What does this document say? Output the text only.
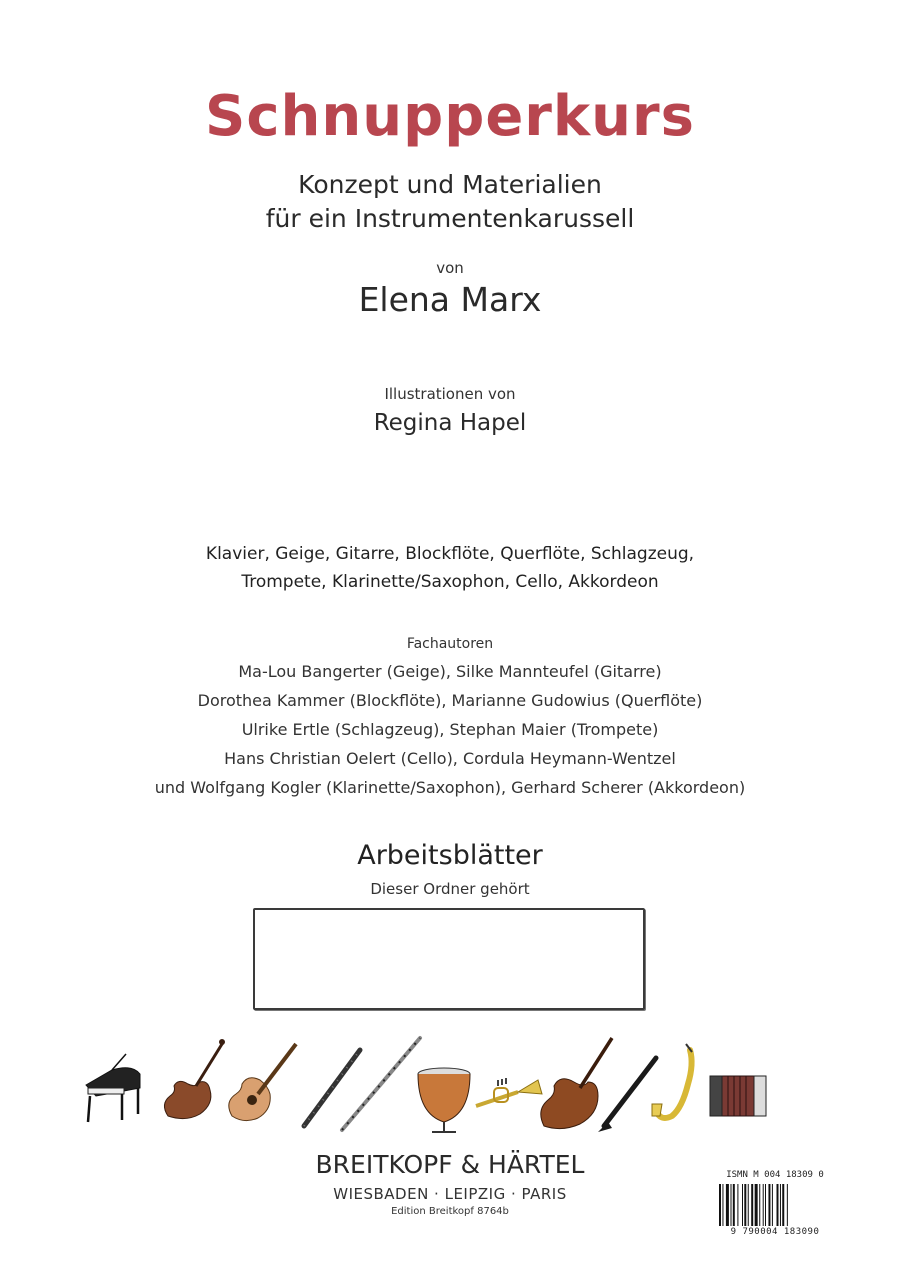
Schnupperkurs
Konzept und Materialien
für ein Instrumentenkarussell
von
Elena Marx
Illustrationen von
Regina Hapel
Klavier, Geige, Gitarre, Blockflöte, Querflöte, Schlagzeug,
Trompete, Klarinette/Saxophon, Cello, Akkordeon
Fachautoren
Ma-Lou Bangerter (Geige), Silke Mannteufel (Gitarre)
Dorothea Kammer (Blockflöte), Marianne Gudowius (Querflöte)
Ulrike Ertle (Schlagzeug), Stephan Maier (Trompete)
Hans Christian Oelert (Cello), Cordula Heymann-Wentzel
und Wolfgang Kogler (Klarinette/Saxophon), Gerhard Scherer (Akkordeon)
Arbeitsblätter
Dieser Ordner gehört
BREITKOPF & HÄRTEL
WIESBADEN · LEIPZIG · PARIS
Edition Breitkopf 8764b
ISMN M 004 18309 0
9 790004 183090
